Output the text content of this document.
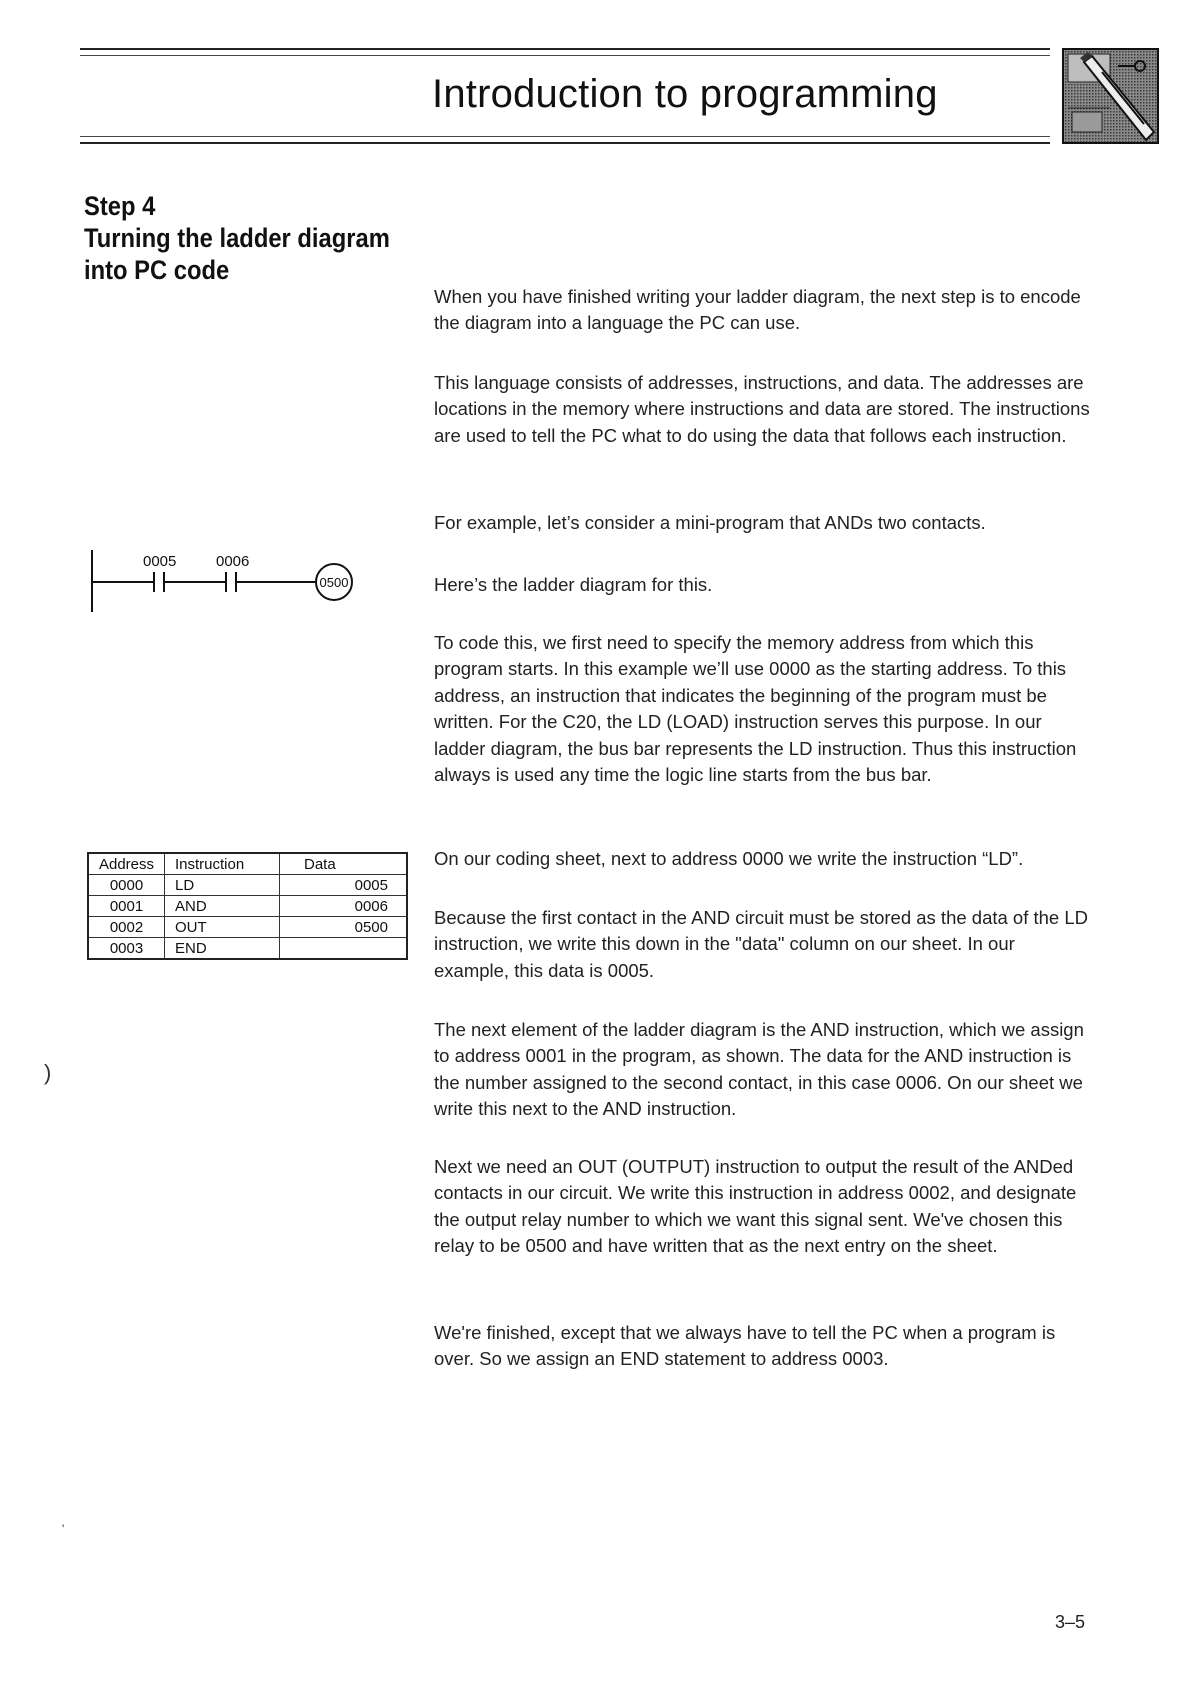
Introduction to programming
Step 4
Turning the ladder diagram
into PC code

When you have finished writing your ladder diagram, the next step is to encode the diagram into a language the PC can use.

This language consists of addresses, instructions, and data. The addresses are locations in the memory where instructions and data are stored. The instructions are used to tell the PC what to do using the data that follows each instruction.

For example, let’s consider a mini-program that ANDs two contacts.

Here’s the ladder diagram for this.

To code this, we first need to specify the memory address from which this program starts. In this example we’ll use 0000 as the starting address. To this address, an instruction that indicates the beginning of the program must be written. For the C20, the LD (LOAD) instruction serves this purpose. In our ladder diagram, the bus bar represents the LD instruction. Thus this instruction always is used any time the logic line starts from the bus bar.

On our coding sheet, next to address 0000 we write the instruction “LD”.

Because the first contact in the AND circuit must be stored as the data of the LD instruction, we write this down in the "data" column on our sheet. In our example, this data is 0005.

The next element of the ladder diagram is the AND instruction, which we assign to address 0001 in the program, as shown. The data for the AND instruction is the number assigned to the second contact, in this case 0006. On our sheet we write this next to the AND instruction.

Next we need an OUT (OUTPUT) instruction to output the result of the ANDed contacts in our circuit. We write this instruction in address 0002, and designate the output relay number to which we want this signal sent. We've chosen this relay to be 0500 and have written that as the next entry on the sheet.

We're finished, except that we always have to tell the PC when a program is over. So we assign an END statement to address 0003.

0005	0006
0500
Address	Instruction	Data
0000	LD	0005
0001	AND	0006
0002	OUT	0500
0003	END	
)
'
3–5
